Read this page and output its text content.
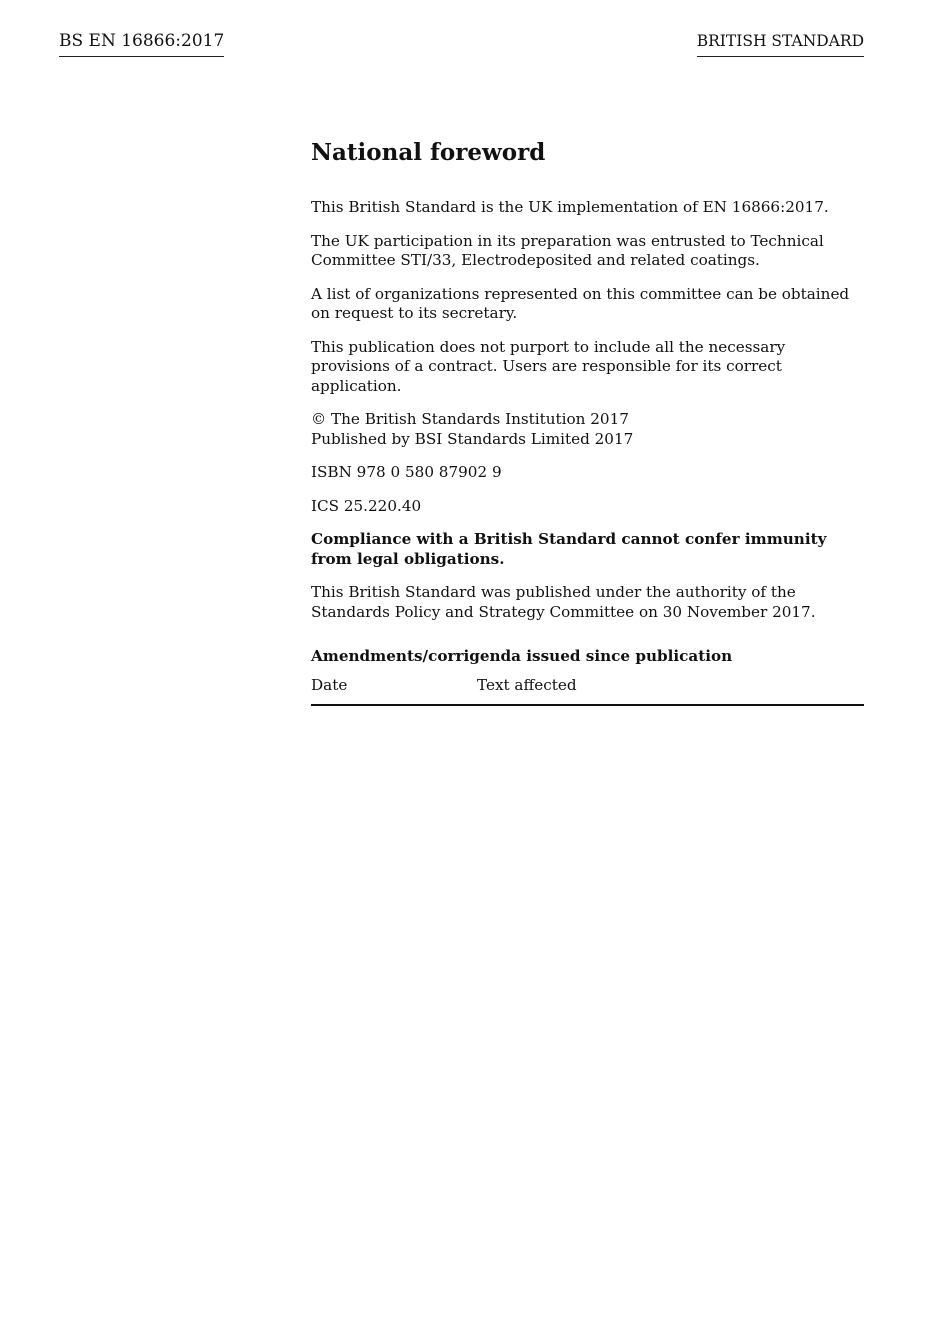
BS EN 16866:2017	BRITISH STANDARD
National foreword

This British Standard is the UK implementation of EN 16866:2017.

The UK participation in its preparation was entrusted to Technical Committee STI/33, Electrodeposited and related coatings.

A list of organizations represented on this committee can be obtained on request to its secretary.

This publication does not purport to include all the necessary provisions of a contract. Users are responsible for its correct application.

© The British Standards Institution 2017
Published by BSI Standards Limited 2017

ISBN 978 0 580 87902 9

ICS 25.220.40

Compliance with a British Standard cannot confer immunity from legal obligations.

This British Standard was published under the authority of the Standards Policy and Strategy Committee on 30 November 2017.

Amendments/corrigenda issued since publication
Date	Text affected
